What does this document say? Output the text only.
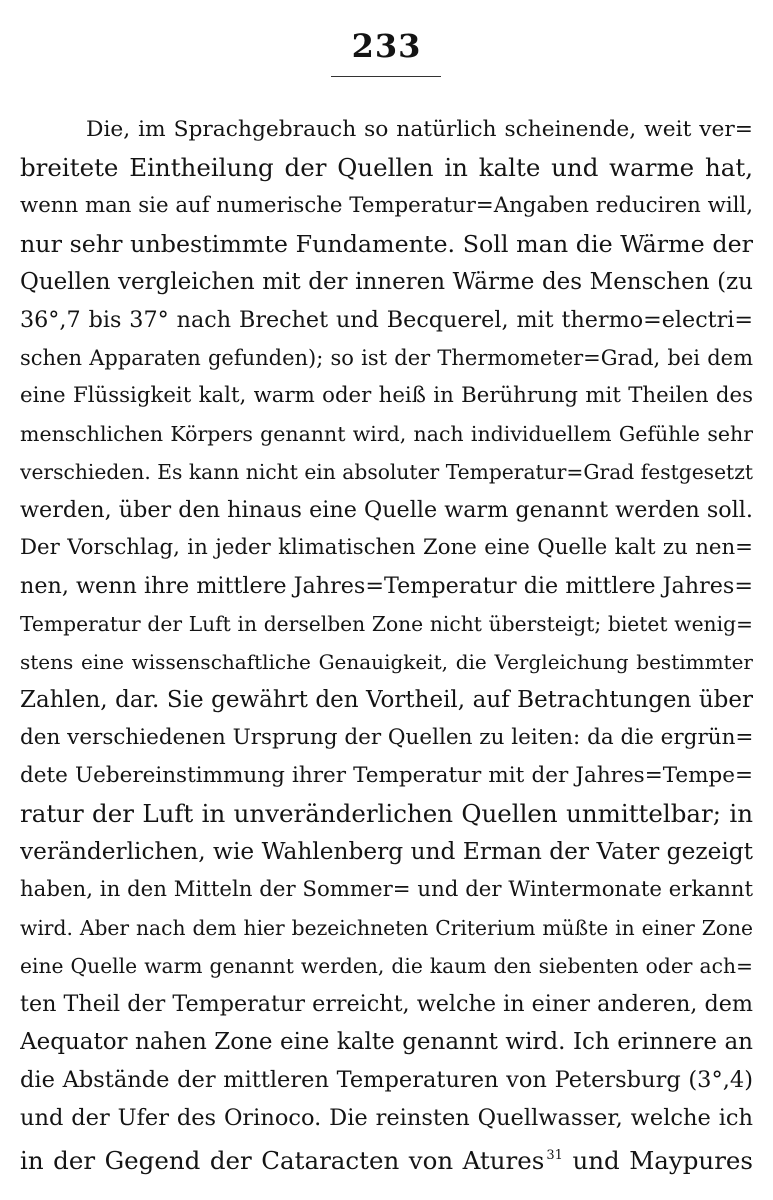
233
Die, im Sprachgebrauch so natürlich scheinende, weit ver=
breitete Eintheilung der Quellen in kalte und warme hat,
wenn man sie auf numerische Temperatur=Angaben reduciren will,
nur sehr unbestimmte Fundamente. Soll man die Wärme der
Quellen vergleichen mit der inneren Wärme des Menschen (zu
36°,7 bis 37° nach Brechet und Becquerel, mit thermo=electri=
schen Apparaten gefunden); so ist der Thermometer=Grad, bei dem
eine Flüssigkeit kalt, warm oder heiß in Berührung mit Theilen des
menschlichen Körpers genannt wird, nach individuellem Gefühle sehr
verschieden. Es kann nicht ein absoluter Temperatur=Grad festgesetzt
werden, über den hinaus eine Quelle warm genannt werden soll.
Der Vorschlag, in jeder klimatischen Zone eine Quelle kalt zu nen=
nen, wenn ihre mittlere Jahres=Temperatur die mittlere Jahres=
Temperatur der Luft in derselben Zone nicht übersteigt; bietet wenig=
stens eine wissenschaftliche Genauigkeit, die Vergleichung bestimmter
Zahlen, dar. Sie gewährt den Vortheil, auf Betrachtungen über
den verschiedenen Ursprung der Quellen zu leiten: da die ergrün=
dete Uebereinstimmung ihrer Temperatur mit der Jahres=Tempe=
ratur der Luft in unveränderlichen Quellen unmittelbar; in
veränderlichen, wie Wahlenberg und Erman der Vater gezeigt
haben, in den Mitteln der Sommer= und der Wintermonate erkannt
wird. Aber nach dem hier bezeichneten Criterium müßte in einer Zone
eine Quelle warm genannt werden, die kaum den siebenten oder ach=
ten Theil der Temperatur erreicht, welche in einer anderen, dem
Aequator nahen Zone eine kalte genannt wird. Ich erinnere an
die Abstände der mittleren Temperaturen von Petersburg (3°,4)
und der Ufer des Orinoco. Die reinsten Quellwasser, welche ich
in der Gegend der Cataracten von Atures $^{31}$ und Maypures
